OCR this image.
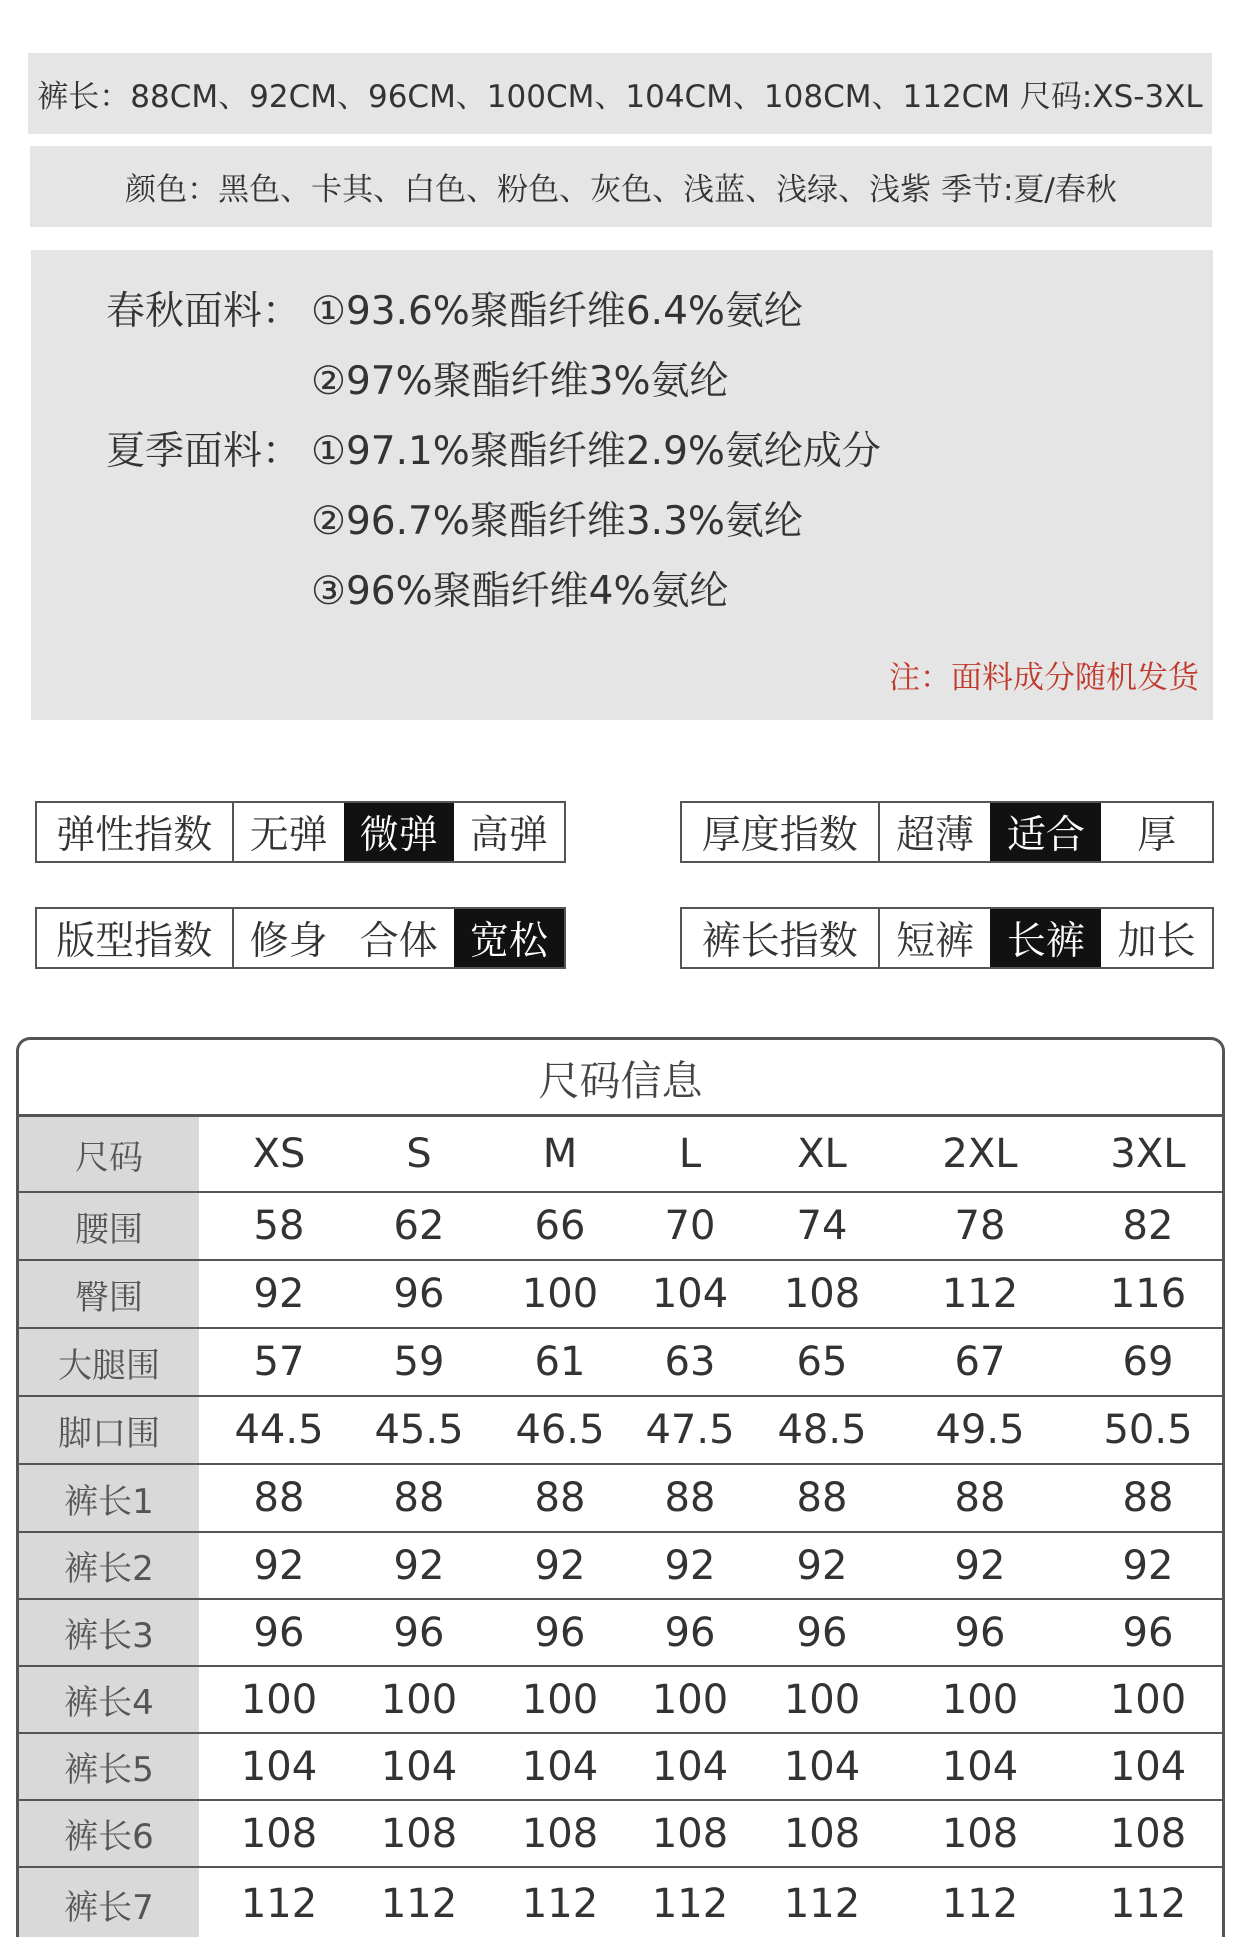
裤长：88CM、92CM、96CM、100CM、104CM、108CM、112CM 尺码:XS-3XL
颜色：黑色、卡其、白色、粉色、灰色、浅蓝、浅绿、浅紫 季节:夏/春秋
春秋面料： ①93.6%聚酯纤维6.4%氨纶
②97%聚酯纤维3%氨纶
夏季面料： ①97.1%聚酯纤维2.9%氨纶成分
②96.7%聚酯纤维3.3%氨纶
③96%聚酯纤维4%氨纶
注：面料成分随机发货
弹性指数 无弹 微弹 高弹	厚度指数 超薄 适合	厚
版型指数 修身 合体 宽松	裤长指数 短裤 长裤 加长
尺码信息
尺码	XS	S	M	L	XL	2XL	3XL
腰围	58	62	66	70	74	78	82
臀围	92	96	100	104	108	112	116
大腿围	57	59	61	63	65	67	69
脚口围	44.5	45.5	46.5	47.5	48.5	49.5	50.5
裤长1	88	88	88	88	88	88	88
裤长2	92	92	92	92	92	92	92
裤长3	96	96	96	96	96	96	96
裤长4	100	100	100	100	100	100	100
裤长5	104	104	104	104	104	104	104
裤长6	108	108	108	108	108	108	108
裤长7	112	112	112	112	112	112	112
